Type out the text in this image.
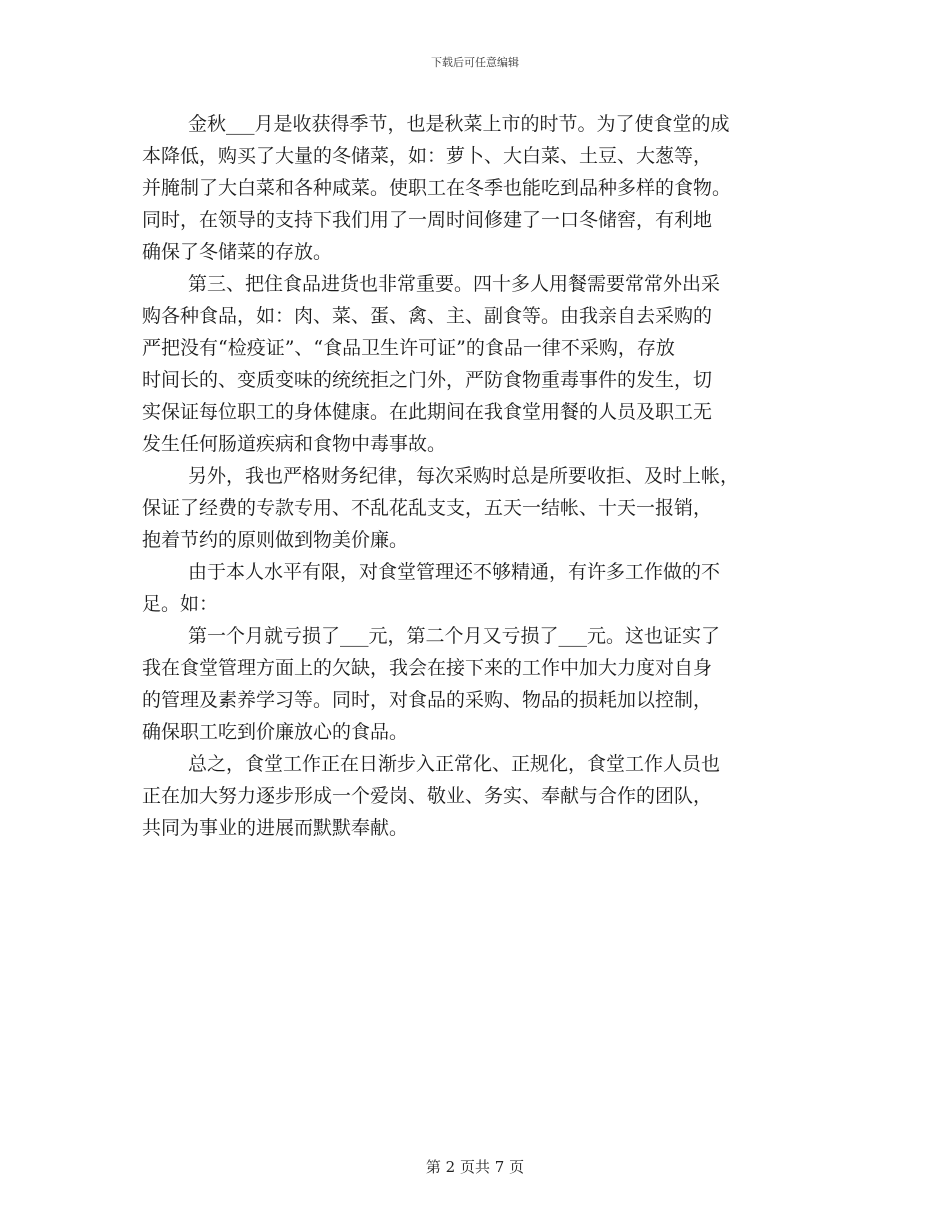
下载后可任意编辑
金秋___月是收获得季节，也是秋菜上市的时节。为了使食堂的成
本降低，购买了大量的冬储菜，如：萝卜、大白菜、土豆、大葱等，
并腌制了大白菜和各种咸菜。使职工在冬季也能吃到品种多样的食物。
同时，在领导的支持下我们用了一周时间修建了一口冬储窖，有利地
确保了冬储菜的存放。
第三、把住食品进货也非常重要。四十多人用餐需要常常外出采
购各种食品，如：肉、菜、蛋、禽、主、副食等。由我亲自去采购的
严把没有“检疫证”、“食品卫生许可证”的食品一律不采购，存放
时间长的、变质变味的统统拒之门外，严防食物重毒事件的发生，切
实保证每位职工的身体健康。在此期间在我食堂用餐的人员及职工无
发生任何肠道疾病和食物中毒事故。
另外，我也严格财务纪律，每次采购时总是所要收拒、及时上帐，
保证了经费的专款专用、不乱花乱支支，五天一结帐、十天一报销，
抱着节约的原则做到物美价廉。
由于本人水平有限，对食堂管理还不够精通，有许多工作做的不
足。如：
第一个月就亏损了___元，第二个月又亏损了___元。这也证实了
我在食堂管理方面上的欠缺，我会在接下来的工作中加大力度对自身
的管理及素养学习等。同时，对食品的采购、物品的损耗加以控制，
确保职工吃到价廉放心的食品。
总之，食堂工作正在日渐步入正常化、正规化，食堂工作人员也
正在加大努力逐步形成一个爱岗、敬业、务实、奉献与合作的团队，
共同为事业的进展而默默奉献。
第 2 页共 7 页
